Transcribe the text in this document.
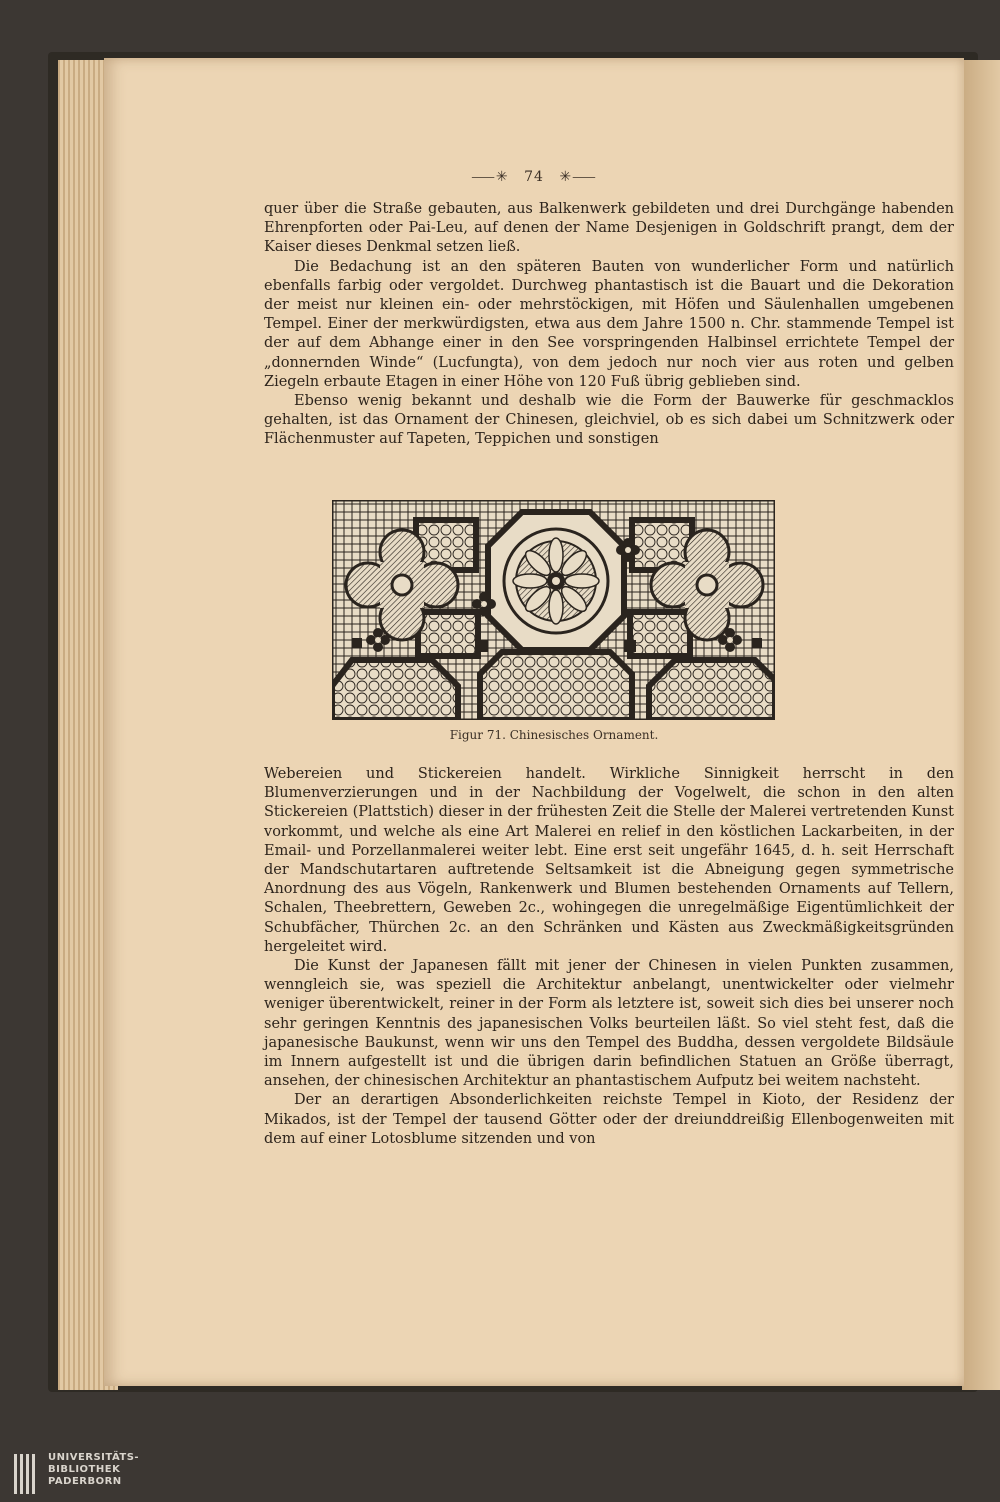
⸺✳ 74 ✳⸺

quer über die Straße gebauten, aus Balkenwerk gebildeten und drei Durchgänge habenden Ehrenpforten oder Pai-Leu, auf denen der Name Desjenigen in Goldschrift prangt, dem der Kaiser dieses Denkmal setzen ließ.

Die Bedachung ist an den späteren Bauten von wunderlicher Form und natürlich ebenfalls farbig oder vergoldet. Durchweg phantastisch ist die Bauart und die Dekoration der meist nur kleinen ein- oder mehrstöckigen, mit Höfen und Säulenhallen umgebenen Tempel. Einer der merkwürdigsten, etwa aus dem Jahre 1500 n. Chr. stammende Tempel ist der auf dem Abhange einer in den See vorspringenden Halbinsel errichtete Tempel der „donnernden Winde“ (Lucfungta), von dem jedoch nur noch vier aus roten und gelben Ziegeln erbaute Etagen in einer Höhe von 120 Fuß übrig geblieben sind.

Ebenso wenig bekannt und deshalb wie die Form der Bauwerke für geschmacklos gehalten, ist das Ornament der Chinesen, gleichviel, ob es sich dabei um Schnitzwerk oder Flächenmuster auf Tapeten, Teppichen und sonstigen

Figur 71. Chinesisches Ornament.

Webereien und Stickereien handelt. Wirkliche Sinnigkeit herrscht in den Blumenverzierungen und in der Nachbildung der Vogelwelt, die schon in den alten Stickereien (Plattstich) dieser in der frühesten Zeit die Stelle der Malerei vertretenden Kunst vorkommt, und welche als eine Art Malerei en relief in den köstlichen Lackarbeiten, in der Email- und Porzellanmalerei weiter lebt. Eine erst seit ungefähr 1645, d. h. seit Herrschaft der Mandschutartaren auftretende Seltsamkeit ist die Abneigung gegen symmetrische Anordnung des aus Vögeln, Rankenwerk und Blumen bestehenden Ornaments auf Tellern, Schalen, Theebrettern, Geweben 2c., wohingegen die unregelmäßige Eigentümlichkeit der Schubfächer, Thürchen 2c. an den Schränken und Kästen aus Zweckmäßigkeitsgründen hergeleitet wird.

Die Kunst der Japanesen fällt mit jener der Chinesen in vielen Punkten zusammen, wenngleich sie, was speziell die Architektur anbelangt, unentwickelter oder vielmehr weniger überentwickelt, reiner in der Form als letztere ist, soweit sich dies bei unserer noch sehr geringen Kenntnis des japanesischen Volks beurteilen läßt. So viel steht fest, daß die japanesische Baukunst, wenn wir uns den Tempel des Buddha, dessen vergoldete Bildsäule im Innern aufgestellt ist und die übrigen darin befindlichen Statuen an Größe überragt, ansehen, der chinesischen Architektur an phantastischem Aufputz bei weitem nachsteht.

Der an derartigen Absonderlichkeiten reichste Tempel in Kioto, der Residenz der Mikados, ist der Tempel der tausend Götter oder der dreiunddreißig Ellenbogenweiten mit dem auf einer Lotosblume sitzenden und von

UNIVERSITÄTS-
BIBLIOTHEK
PADERBORN
